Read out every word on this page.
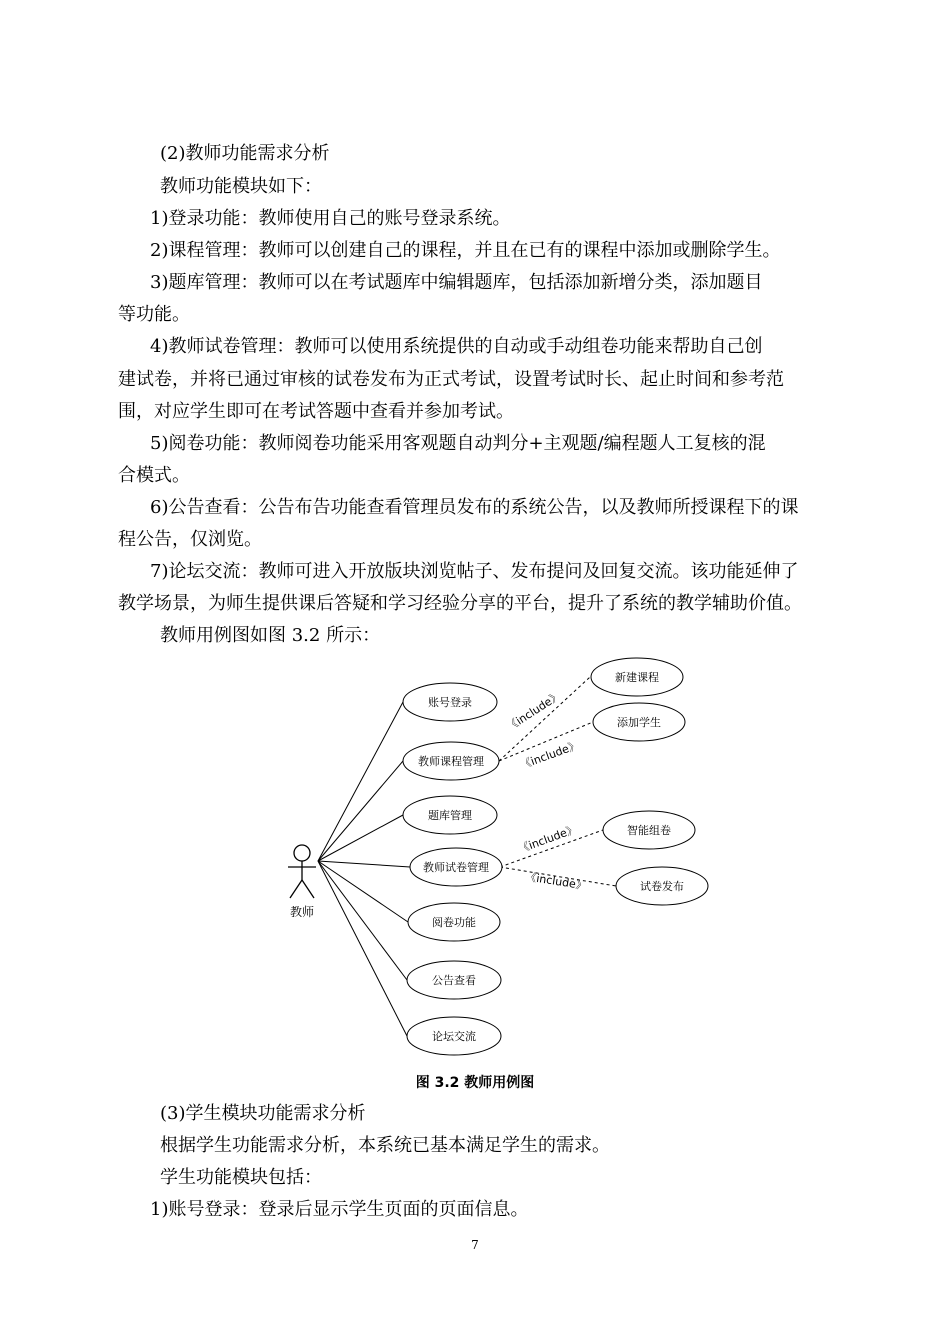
(2)教师功能需求分析
教师功能模块如下：
1)登录功能：教师使用自己的账号登录系统。
2)课程管理：教师可以创建自己的课程，并且在已有的课程中添加或删除学生。
3)题库管理：教师可以在考试题库中编辑题库，包括添加新增分类，添加题目
等功能。
4)教师试卷管理：教师可以使用系统提供的自动或手动组卷功能来帮助自己创
建试卷，并将已通过审核的试卷发布为正式考试，设置考试时长、起止时间和参考范
围，对应学生即可在考试答题中查看并参加考试。
5)阅卷功能：教师阅卷功能采用客观题自动判分+主观题/编程题人工复核的混
合模式。
6)公告查看：公告布告功能查看管理员发布的系统公告，以及教师所授课程下的课
程公告，仅浏览。
7)论坛交流：教师可进入开放版块浏览帖子、发布提问及回复交流。该功能延伸了
教学场景，为师生提供课后答疑和学习经验分享的平台，提升了系统的教学辅助价值。
教师用例图如图 3.2 所示：
教师
《include》
《include》
《include》
《include》
账号登录
教师课程管理
题库管理
教师试卷管理
阅卷功能
公告查看
论坛交流
新建课程
添加学生
智能组卷
试卷发布
图 3.2 教师用例图
(3)学生模块功能需求分析
根据学生功能需求分析，本系统已基本满足学生的需求。
学生功能模块包括：
1)账号登录：登录后显示学生页面的页面信息。
7
